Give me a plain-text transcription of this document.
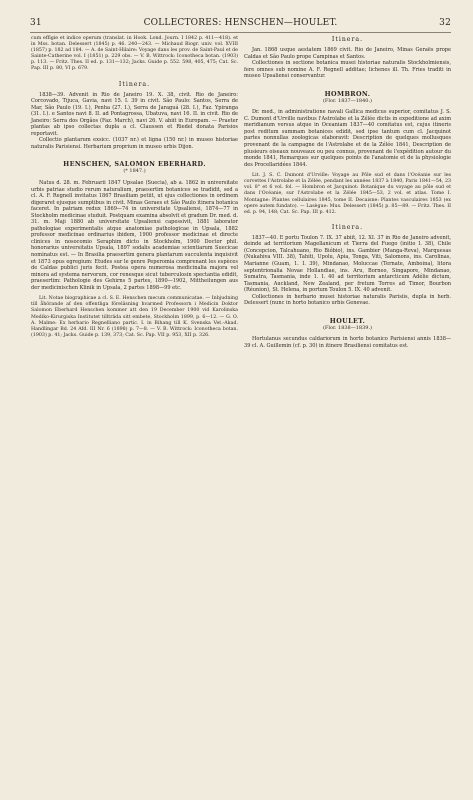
31	COLLECTORES: HENSCHEN—HOULET.	32

cum effigie et indice operum (translat. in Hook. Lond. Journ. I 1842 p. 411—418). et in Mss. botan. Delessert (1845) p. 46. 240—243. — Michaud Biogr. univ. vol. XVIII (1857) p. 182 ad 184. — A. de Saint-Hilaire: Voyage dans les prov. de Saint-Paul et de Sainte-Catherine vol. I (1851) p. 229 obs. — V. B. Wittrock: Iconotheca botan. (1903) p. 113. — Fritz. Thes. II ed. p. 131—132; Jacks. Guide p. 552. 598, 405, 475; Cat. Sc. Pap. III p. 80, VI p. 679.

Itinera.

1838—39. Advenit in Rio de Janeiro 19. X. 38, civit. Rio de Janeiro: Corcovado, Tijuca, Gavia, navi 15. I. 39 in civit. São Paulo: Santos, Serra de Mar, São Paulo (19. I.), Penha (27. I.), Serra de Jaraguá (28. I.), Faz. Ypiranga (31. I.). e Santos navi 8. II. ad Pontagrossa, Ubatuva, navi 16. II. in civit. Rio de Janeiro: Serra dos Orgãos (Faz. March), navi 26. V. abiit in Europam. — Praeter plantas ab ipso collectas dupla a cl. Claussen et Riedel donata Parisios reportavit.

Collectio plantarum exsicc. (1037 nr.) et ligna (150 nr.) in museo historiae naturalis Parisiensi. Herbarium proprium in museo urbis Dijon.

HENSCHEN, SALOMON EBERHARD.
(* 1847.)

Natus d. 28. m. Februarii 1847 Upsalae (Suecia), ab a. 1862 in universitate urbis patriae studio rerum naturalium, praesertim botanices se tradidit, sed a cl. A. F. Regnell invitatus 1867 Brasiliam petiit, ut ejus collectiones in ordinem digeraret ejusque sumptibus in civit. Minas Geraes et São Paulo itinera botanica faceret. In patriam redux 1869—74 in universitate Upsaliensi, 1874—77 in Stockholm medicinae studuit. Postquam examina absolvit et gradum Dr. med. d. 31. m. Maji 1880 ab universitate Upsaliensi capessivit, 1881 laborator pathologiae experimentalis atque anatomiae pathologicae in Upsala, 1882 professor medicinae ordinarius ibidem, 1900 professor medicinae et directe clinices in nosocomio Seraphim dicto in Stockholm, 1900 Doctor phil. honorarius universitatis Upsala, 1897 sodalis academiae scientiarum Suecicae nominatus est. — In Brasilia praesertim genera plantarum succulenta inquisivit et 1873 opus egregium: Etudes sur le genre Peperomia comprenant les espèces de Caldas publici juris fecit. Postea opera numerosa medicinalia majora vel minora ad systema nervorum, cor renesque sicut tuberculosin spectantia edidit, praesertim: Pathologie des Gehirns 5 partes, 1890—1902, Mittheilungen aus der medicinischen Klinik in Upsala, 2 partes 1898—99 etc.

Lit. Notae biographicae a cl. S. E. Henschen mecum communicatae. — Inbjudning till åhörande af den offentliga föreläsning hvarmed Professorn i Medicin Doktor Salomon Eberhard Henschen kommer att den 19 December 1900 vid Karolinska Mediko-Kirurgiska Institutet tillträda sitt embete, Stockholm 1899, p. 6—12. — G. O. A. Malme: Ex herbario Regnelliano partic. I. in Bihang till K. Svenska Vet.-Akad. Handlingar Bd. 24 Afd. III Nr. 6 (1898) p. 7—8. — V. B. Wittrock: Iconotheca botan. (1903) p. 41; Jacks. Guide p. 139, 373; Cat. Sc. Pap. VII p. 953, XII p. 326.

Itinera.

Jan. 1868 usque aestatem 1869 civit. Rio de Janeiro, Minas Geraës prope Caldas et São Paulo prope Campinas et Santos.

Collectiones in sectione botanica musei historiae naturalis Stockholmiensis, fere omnes sub nomine A. F. Regnell additae; lichenes ill. Th. Fries traditi in museo Upsaliensi conservantur.

HOMBRON.
(Flor. 1837—1840.)

Dr. med., in administratione navali Gallica medicus superior, comitatus J. S. C. Dumont d'Urville navibus l'Astrolabe et la Zélée dictis in expeditione ad axim meridianum versus atque in Oceaniam 1837—40 comitatus est, cujus itineris post reditum summam botanices edidit, sed ipse tantum cum cl. Jacquinot partes nonnullas zoologicas elaboravit: Description de quelques mollusques provenant de la campagne de l'Astrolabe et de la Zélée 1841, Description de plusieurs oiseaux nouveaux ou peu connus, provenant de l'expédition autour du monde 1841, Remarques sur quelques points de l'anatomie et de la physiologie des Procellaridées 1844.

Lit. J. S. C. Dumont d'Urville: Voyage au Pôle sud et dans l'Océanie sur les corvettes l'Astrolabe et la Zélée, pendant les années 1837 à 1840, Paris 1841—54, 23 vol. 8° et 6 vol. fol. — Hombron et Jacquinot: Botanique du voyage au pôle sud et dans l'Océanie, sur l'Astrolabe et la Zélée 1845—53, 2 vol. et atlas. Tome I. Montagne: Plantes cellulaires 1845, tome II. Decaisne: Plantes vasculaires 1853 (ex opere autem fundato). — Lasègue: Mus. Delessert (1845) p. 85—89. — Fritz. Thes. II ed. p. 94, 148; Cat. Sc. Pap. III p. 412.

Itinera.

1837—40. E portu Toulon 7. IX. 37 abiit, 12. XI. 37 in Rio de Janeiro advenit, deinde ad territorium Magellanicum et Tierra del Fuego (initio I. 38), Chile (Concepcion, Talcahuano, Rio Bióbio), ins. Gambier (Manga-Reva), Marquesas (Nukahiva VIII. 38), Tahiti, Upolu, Apia, Tonga, Viti, Salomons, ins. Carolinas, Marianne (Guam, 1. I. 39), Mindanao, Moluccae (Ternate, Amboina), litora septentrionalia Novae Hollandiae, ins. Aru, Borneo, Singapore, Mindanao, Sumatra, Tasmania, inde 1. I. 40 ad territorium antarcticum Adélie dictum, Tasmania, Auckland, New Zealand, per fretum Torres ad Timor, Bourbon (Réunion), St. Helena, in portum Toulon 5. IX. 40 advenit.

Collectiones in herbario musei historiae naturalis Parisiis, dupla in herb. Delessert (nunc in horto botanico urbis Genevae.

HOULET.
(Flor. 1838—1839.)

Hortulanus secundus caldariorum in horto botanico Parisiensi annis 1838—39 cl. A. Guillemin (cf. p. 30) in itinere Brasiliensi comitatus est.
